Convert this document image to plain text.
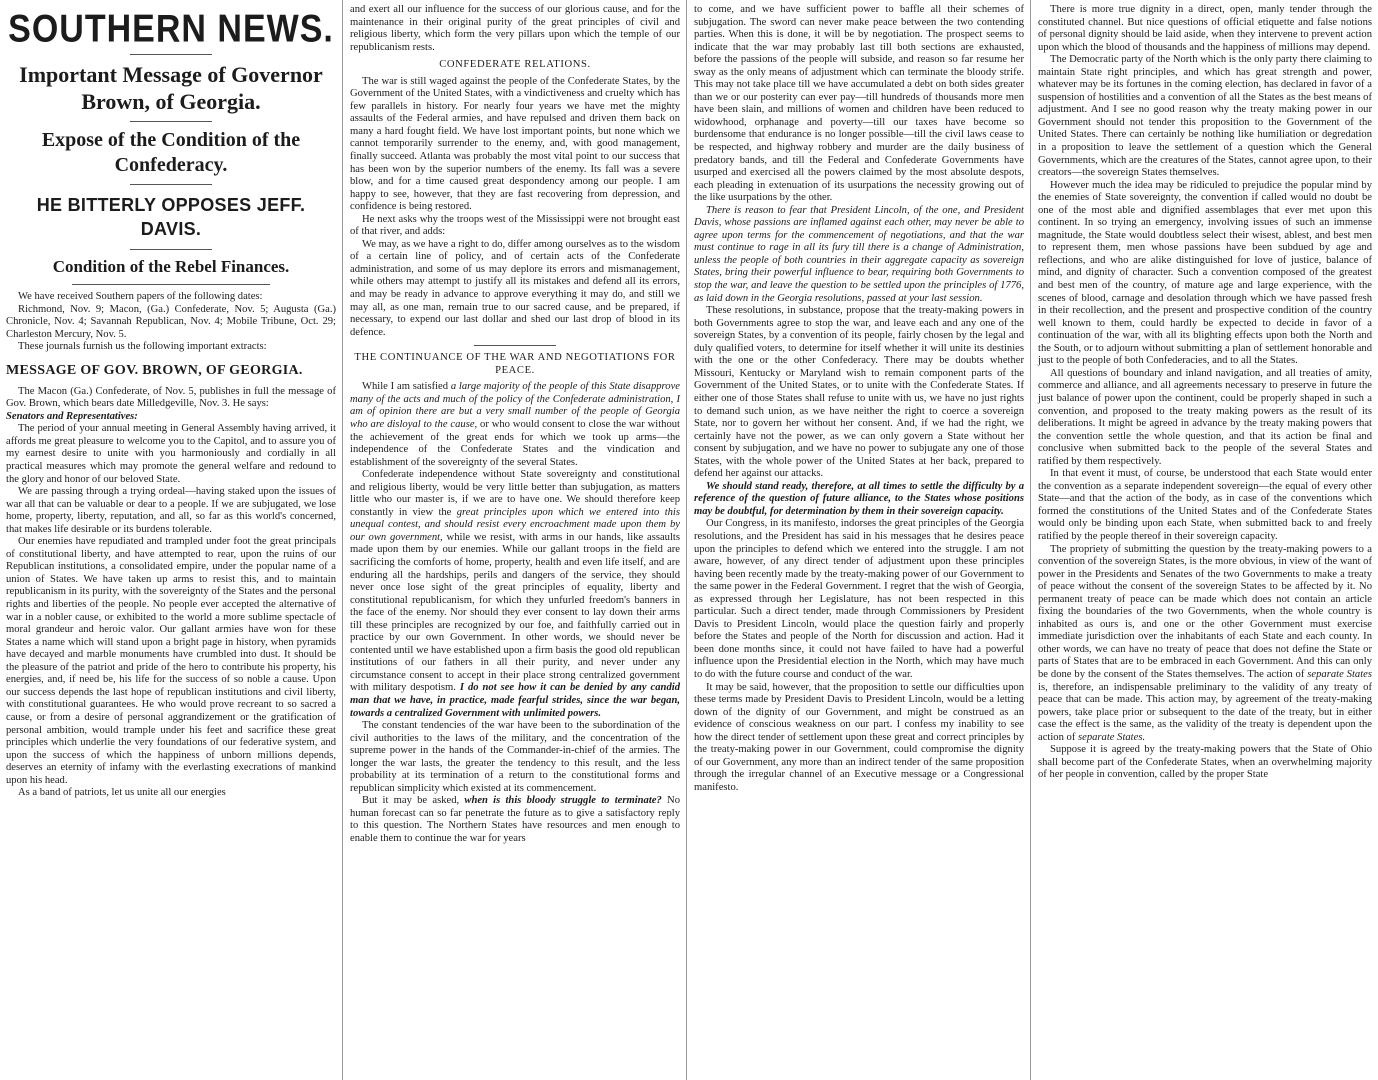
SOUTHERN NEWS.

Important Message of Governor Brown, of Georgia.

Expose of the Condition of the Confederacy.

HE BITTERLY OPPOSES JEFF. DAVIS.

Condition of the Rebel Finances.

We have received Southern papers of the following dates:

Richmond, Nov. 9; Macon, (Ga.) Confederate, Nov. 5; Augusta (Ga.) Chronicle, Nov. 4; Savannah Republican, Nov. 4; Mobile Tribune, Oct. 29; Charleston Mercury, Nov. 5.

These journals furnish us the following important extracts:

MESSAGE OF GOV. BROWN, OF GEORGIA.

The Macon (Ga.) Confederate, of Nov. 5, publishes in full the message of Gov. Brown, which bears date Milledgeville, Nov. 3. He says:

Senators and Representatives:

The period of your annual meeting in General Assembly having arrived, it affords me great pleasure to welcome you to the Capitol, and to assure you of my earnest desire to unite with you harmoniously and cordially in all practical measures which may promote the general welfare and redound to the glory and honor of our beloved State.

We are passing through a trying ordeal—having staked upon the issues of war all that can be valuable or dear to a people. If we are subjugated, we lose home, property, liberty, reputation, and all, so far as this world's concerned, that makes life desirable or its burdens tolerable.

Our enemies have repudiated and trampled under foot the great principals of constitutional liberty, and have attempted to rear, upon the ruins of our Republican institutions, a consolidated empire, under the popular name of a union of States. We have taken up arms to resist this, and to maintain republicanism in its purity, with the sovereignty of the States and the personal rights and liberties of the people. No people ever accepted the alternative of war in a nobler cause, or exhibited to the world a more sublime spectacle of moral grandeur and heroic valor. Our gallant armies have won for these States a name which will stand upon a bright page in history, when pyramids have decayed and marble monuments have crumbled into dust. It should be the pleasure of the patriot and pride of the hero to contribute his property, his energies, and, if need be, his life for the success of so noble a cause. Upon our success depends the last hope of republican institutions and civil liberty, with constitutional guarantees. He who would prove recreant to so sacred a cause, or from a desire of personal aggrandizement or the gratification of personal ambition, would trample under his feet and sacrifice these great principles which underlie the very foundations of our federative system, and upon the success of which the happiness of unborn millions depends, deserves an eternity of infamy with the everlasting execrations of mankind upon his head.

As a band of patriots, let us unite all our energies

and exert all our influence for the success of our glorious cause, and for the maintenance in their original purity of the great principles of civil and religious liberty, which form the very pillars upon which the temple of our republicanism rests.

CONFEDERATE RELATIONS.

The war is still waged against the people of the Confederate States, by the Government of the United States, with a vindictiveness and cruelty which has few parallels in history. For nearly four years we have met the mighty assaults of the Federal armies, and have repulsed and driven them back on many a hard fought field. We have lost important points, but none which we cannot temporarily surrender to the enemy, and, with good management, finally succeed. Atlanta was probably the most vital point to our success that has been won by the superior numbers of the enemy. Its fall was a severe blow, and for a time caused great despondency among our people. I am happy to see, however, that they are fast recovering from depression, and confidence is being restored.

He next asks why the troops west of the Mississippi were not brought east of that river, and adds:

We may, as we have a right to do, differ among ourselves as to the wisdom of a certain line of policy, and of certain acts of the Confederate administration, and some of us may deplore its errors and mismanagement, while others may attempt to justify all its mistakes and defend all its errors, and may be ready in advance to approve everything it may do, and still we may all, as one man, remain true to our sacred cause, and be prepared, if necessary, to expend our last dollar and shed our last drop of blood in its defence.

THE CONTINUANCE OF THE WAR AND NEGOTIATIONS FOR PEACE.

While I am satisfied a large majority of the people of this State disapprove many of the acts and much of the policy of the Confederate administration, I am of opinion there are but a very small number of the people of Georgia who are disloyal to the cause, or who would consent to close the war without the achievement of the great ends for which we took up arms—the independence of the Confederate States and the vindication and establishment of the sovereignty of the several States.

Confederate independence without State sovereignty and constitutional and religious liberty, would be very little better than subjugation, as matters little who our master is, if we are to have one. We should therefore keep constantly in view the great principles upon which we entered into this unequal contest, and should resist every encroachment made upon them by our own government, while we resist, with arms in our hands, like assaults made upon them by our enemies. While our gallant troops in the field are sacrificing the comforts of home, property, health and even life itself, and are enduring all the hardships, perils and dangers of the service, they should never once lose sight of the great principles of equality, liberty and constitutional republicanism, for which they unfurled freedom's banners in the face of the enemy. Nor should they ever consent to lay down their arms till these principles are recognized by our foe, and faithfully carried out in practice by our own Government. In other words, we should never be contented until we have established upon a firm basis the good old republican institutions of our fathers in all their purity, and never under any circumstance consent to accept in their place strong centralized government with military despotism. I do not see how it can be denied by any candid man that we have, in practice, made fearful strides, since the war began, towards a centralized Government with unlimited powers.

The constant tendencies of the war have been to the subordination of the civil authorities to the laws of the military, and the concentration of the supreme power in the hands of the Commander-in-chief of the armies. The longer the war lasts, the greater the tendency to this result, and the less probability at its termination of a return to the constitutional forms and republican simplicity which existed at its commencement.

But it may be asked, when is this bloody struggle to terminate? No human forecast can so far penetrate the future as to give a satisfactory reply to this question. The Northern States have resources and men enough to enable them to continue the war for years

to come, and we have sufficient power to baffle all their schemes of subjugation. The sword can never make peace between the two contending parties. When this is done, it will be by negotiation. The prospect seems to indicate that the war may probably last till both sections are exhausted, before the passions of the people will subside, and reason so far resume her sway as the only means of adjustment which can terminate the bloody strife. This may not take place till we have accumulated a debt on both sides greater than we or our posterity can ever pay—till hundreds of thousands more men have been slain, and millions of women and children have been reduced to widowhood, orphanage and poverty—till our taxes have become so burdensome that endurance is no longer possible—till the civil laws cease to be respected, and highway robbery and murder are the daily business of predatory bands, and till the Federal and Confederate Governments have usurped and exercised all the powers claimed by the most absolute despots, each pleading in extenuation of its usurpations the necessity growing out of the like usurpations by the other.

There is reason to fear that President Lincoln, of the one, and President Davis, whose passions are inflamed against each other, may never be able to agree upon terms for the commencement of negotiations, and that the war must continue to rage in all its fury till there is a change of Administration, unless the people of both countries in their aggregate capacity as sovereign States, bring their powerful influence to bear, requiring both Governments to stop the war, and leave the question to be settled upon the principles of 1776, as laid down in the Georgia resolutions, passed at your last session.

These resolutions, in substance, propose that the treaty-making powers in both Governments agree to stop the war, and leave each and any one of the sovereign States, by a convention of its people, fairly chosen by the legal and duly qualified voters, to determine for itself whether it will unite its destinies with the one or the other Confederacy. There may be doubts whether Missouri, Kentucky or Maryland wish to remain component parts of the Government of the United States, or to unite with the Confederate States. If either one of those States shall refuse to unite with us, we have no just rights to demand such union, as we have neither the right to coerce a sovereign State, nor to govern her without her consent. And, if we had the right, we certainly have not the power, as we can only govern a State without her consent by subjugation, and we have no power to subjugate any one of those States, with the whole power of the United States at her back, prepared to defend her against our attacks.

We should stand ready, therefore, at all times to settle the difficulty by a reference of the question of future alliance, to the States whose positions may be doubtful, for determination by them in their sovereign capacity.

Our Congress, in its manifesto, indorses the great principles of the Georgia resolutions, and the President has said in his messages that he desires peace upon the principles to defend which we entered into the struggle. I am not aware, however, of any direct tender of adjustment upon these principles having been recently made by the treaty-making power of our Government to the same power in the Federal Government. I regret that the wish of Georgia, as expressed through her Legislature, has not been respected in this particular. Such a direct tender, made through Commissioners by President Davis to President Lincoln, would place the question fairly and properly before the States and people of the North for discussion and action. Had it been done months since, it could not have failed to have had a powerful influence upon the Presidential election in the North, which may have much to do with the future course and conduct of the war.

It may be said, however, that the proposition to settle our difficulties upon these terms made by President Davis to President Lincoln, would be a letting down of the dignity of our Government, and might be construed as an evidence of conscious weakness on our part. I confess my inability to see how the direct tender of settlement upon these great and correct principles by the treaty-making power in our Government, could compromise the dignity of our Government, any more than an indirect tender of the same proposition through the irregular channel of an Executive message or a Congressional manifesto.

There is more true dignity in a direct, open, manly tender through the constituted channel. But nice questions of official etiquette and false notions of personal dignity should be laid aside, when they intervene to prevent action upon which the blood of thousands and the happiness of millions may depend.

The Democratic party of the North which is the only party there claiming to maintain State right principles, and which has great strength and power, whatever may be its fortunes in the coming election, has declared in favor of a suspension of hostilities and a convention of all the States as the best means of adjustment. And I see no good reason why the treaty making power in our Government should not tender this proposition to the Government of the United States. There can certainly be nothing like humiliation or degredation in a proposition to leave the settlement of a question which the General Governments, which are the creatures of the States, cannot agree upon, to their creators—the sovereign States themselves.

However much the idea may be ridiculed to prejudice the popular mind by the enemies of State sovereignty, the convention if called would no doubt be one of the most able and dignified assemblages that ever met upon this continent. In so trying an emergency, involving issues of such an immense magnitude, the State would doubtless select their wisest, ablest, and best men to represent them, men whose passions have been subdued by age and reflections, and who are alike distinguished for love of justice, balance of mind, and dignity of character. Such a convention composed of the greatest and best men of the country, of mature age and large experience, with the scenes of blood, carnage and desolation through which we have passed fresh in their recollection, and the present and prospective condition of the country well known to them, could hardly be expected to decide in favor of a continuation of the war, with all its blighting effects upon both the North and the South, or to adjourn without submitting a plan of settlement honorable and just to the people of both Confederacies, and to all the States.

All questions of boundary and inland navigation, and all treaties of amity, commerce and alliance, and all agreements necessary to preserve in future the just balance of power upon the continent, could be properly shaped in such a convention, and proposed to the treaty making powers as the result of its deliberations. It might be agreed in advance by the treaty making powers that the convention settle the whole question, and that its action be final and conclusive when submitted back to the people of the several States and ratified by them respectively.

In that event it must, of course, be understood that each State would enter the convention as a separate independent sovereign—the equal of every other State—and that the action of the body, as in case of the conventions which formed the constitutions of the United States and of the Confederate States would only be binding upon each State, when submitted back to and freely ratified by the people thereof in their sovereign capacity.

The propriety of submitting the question by the treaty-making powers to a convention of the sovereign States, is the more obvious, in view of the want of power in the Presidents and Senates of the two Governments to make a treaty of peace without the consent of the sovereign States to be affected by it. No permanent treaty of peace can be made which does not contain an article fixing the boundaries of the two Governments, when the whole country is inhabited as ours is, and one or the other Government must exercise immediate jurisdiction over the inhabitants of each State and each county. In other words, we can have no treaty of peace that does not define the State or parts of States that are to be embraced in each Government. And this can only be done by the consent of the States themselves. The action of separate States is, therefore, an indispensable preliminary to the validity of any treaty of peace that can be made. This action may, by agreement of the treaty-making powers, take place prior or subsequent to the date of the treaty, but in either case the effect is the same, as the validity of the treaty is dependent upon the action of separate States.

Suppose it is agreed by the treaty-making powers that the State of Ohio shall become part of the Confederate States, when an overwhelming majority of her people in convention, called by the proper State
